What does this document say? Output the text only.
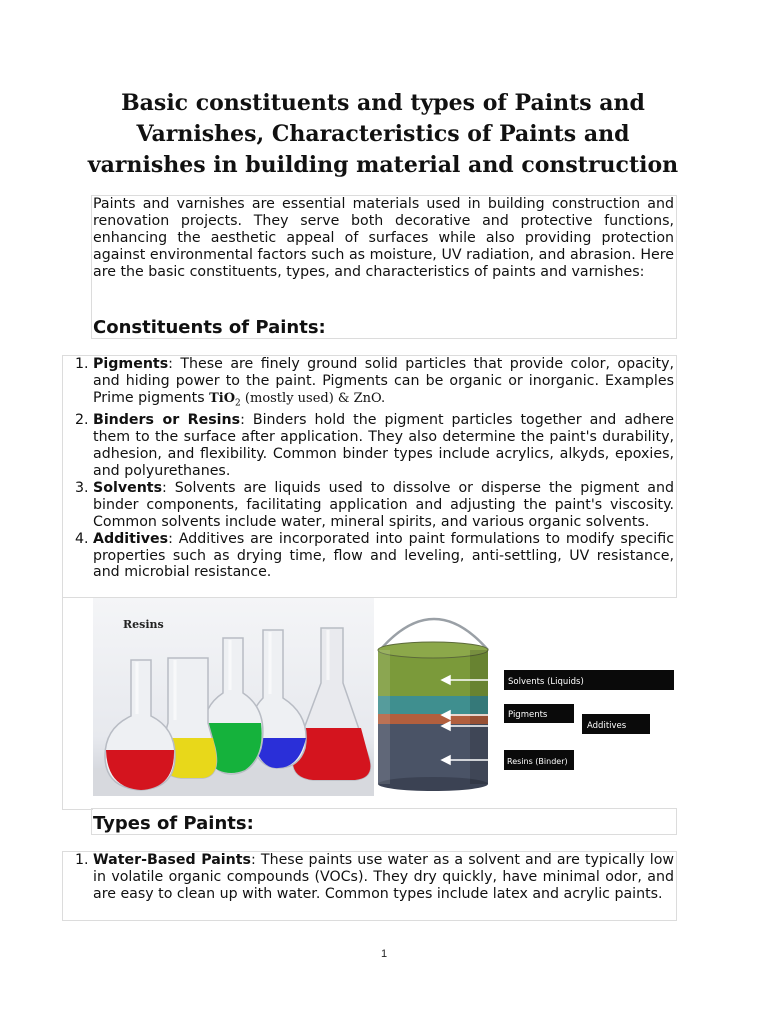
Basic constituents and types of Paints and Varnishes, Characteristics of Paints and varnishes in building material and construction
Paints and varnishes are essential materials used in building construction and renovation projects. They serve both decorative and protective functions, enhancing the aesthetic appeal of surfaces while also providing protection against environmental factors such as moisture, UV radiation, and abrasion. Here are the basic constituents, types, and characteristics of paints and varnishes:
Constituents of Paints:
1. Pigments: These are finely ground solid particles that provide color, opacity, and hiding power to the paint. Pigments can be organic or inorganic. Examples Prime pigments TiO$_2$ (mostly used) & ZnO.
2. Binders or Resins: Binders hold the pigment particles together and adhere them to the surface after application. They also determine the paint's durability, adhesion, and flexibility. Common binder types include acrylics, alkyds, epoxies, and polyurethanes.
3. Solvents: Solvents are liquids used to dissolve or disperse the pigment and binder components, facilitating application and adjusting the paint's viscosity. Common solvents include water, mineral spirits, and various organic solvents.
4. Additives: Additives are incorporated into paint formulations to modify specific properties such as drying time, flow and leveling, anti-settling, UV resistance, and microbial resistance.
Resins
Solvents (Liquids)
Pigments
Additives
Resins (Binder)
Types of Paints:
1. Water-Based Paints: These paints use water as a solvent and are typically low in volatile organic compounds (VOCs). They dry quickly, have minimal odor, and are easy to clean up with water. Common types include latex and acrylic paints.
1
